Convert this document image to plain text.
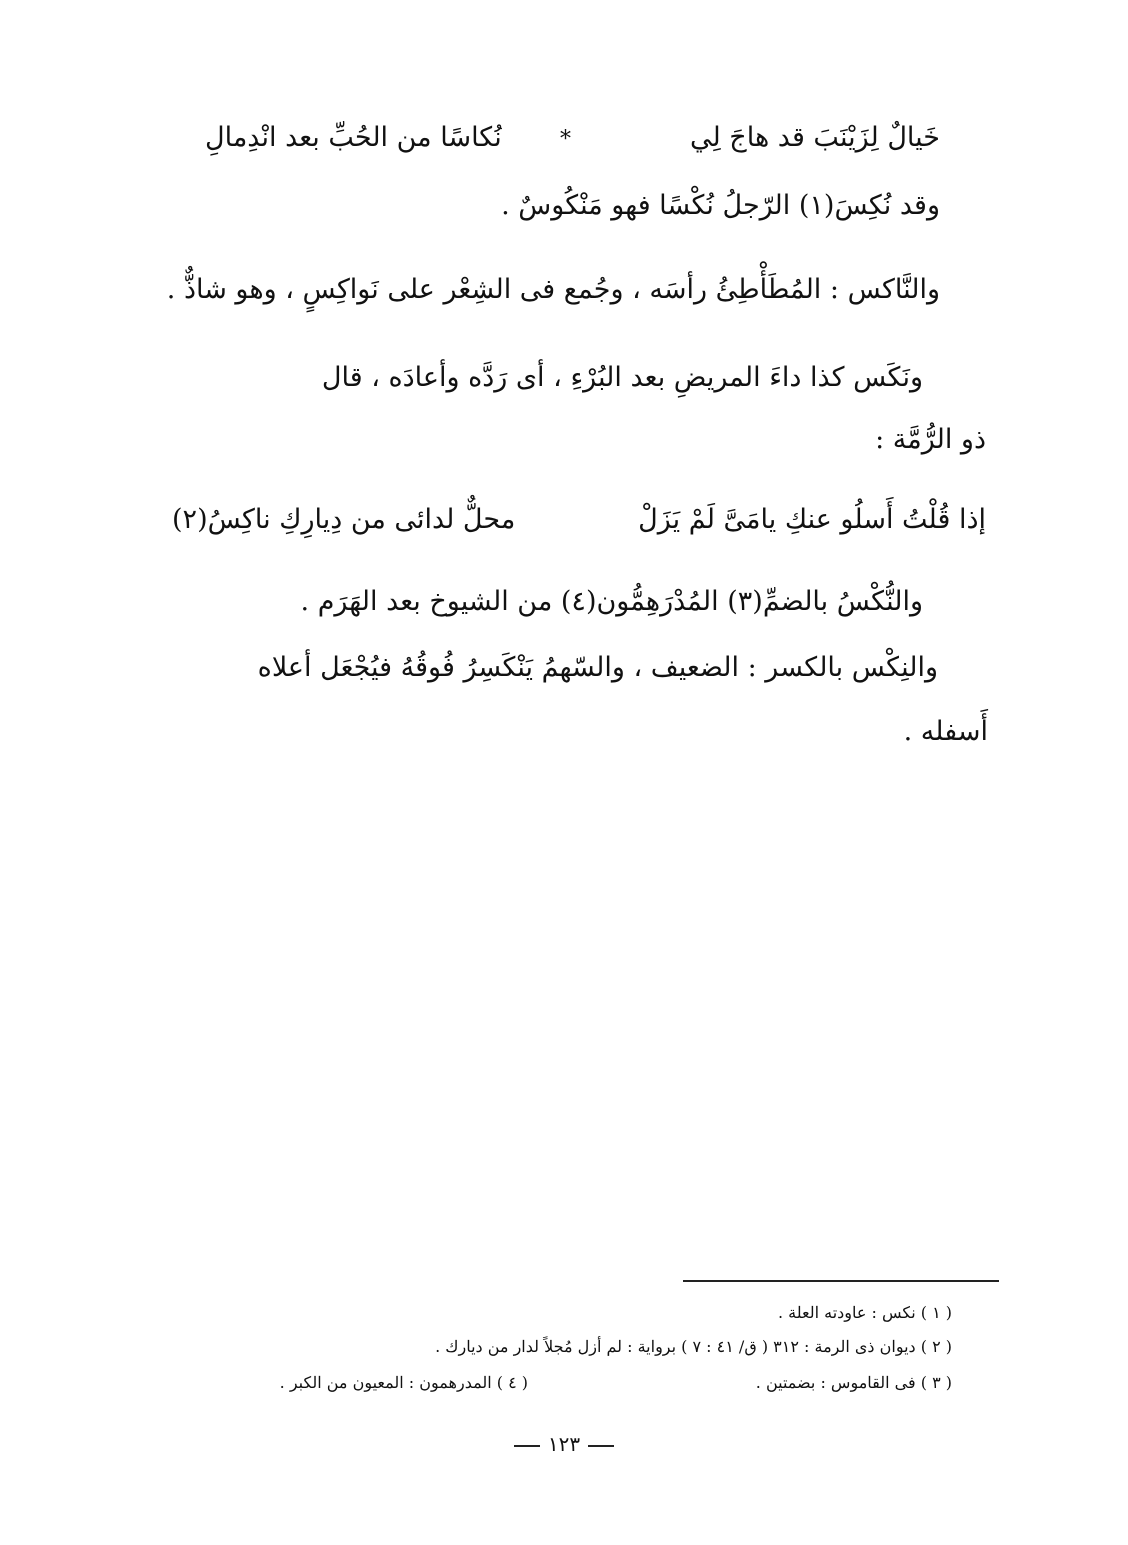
خَيالٌ لِزَيْنَبَ قد هاجَ لِي
*
نُكاسًا من الحُبِّ بعد انْدِمالِ
وقد نُكِسَ(١) الرّجلُ نُكْسًا فهو مَنْكُوسٌ .
والنَّاكس : المُطَأْطِئُ رأسَه ، وجُمع فى الشِعْر على نَواكِسٍ ، وهو شاذٌّ .
ونَكَس كذا داءَ المريضِ بعد البُرْءِ ، أى رَدَّه وأعادَه ، قال
ذو الرُّمَّة :
إذا قُلْتُ أَسلُو عنكِ يامَىَّ لَمْ يَزَلْ
محلٌّ لدائى من دِيارِكِ ناكِسُ(٢)
والنُّكْسُ بالضمِّ(٣) المُدْرَهِمُّون(٤) من الشيوخ بعد الهَرَم .
والنِكْس بالكسر : الضعيف ، والسّهمُ يَنْكَسِرُ فُوقُهُ فيُجْعَل أعلاه
أَسفله .
( ١ ) نكس : عاودته العلة .
( ٢ ) ديوان ذى الرمة : ٣١٢ ( ق/ ٤١ : ٧ ) برواية : لم أزل مُجلاً لدار من ديارك .
( ٣ ) فى القاموس : بضمتين .
( ٤ ) المدرهمون : المعيون من الكبر .
١٢٣
